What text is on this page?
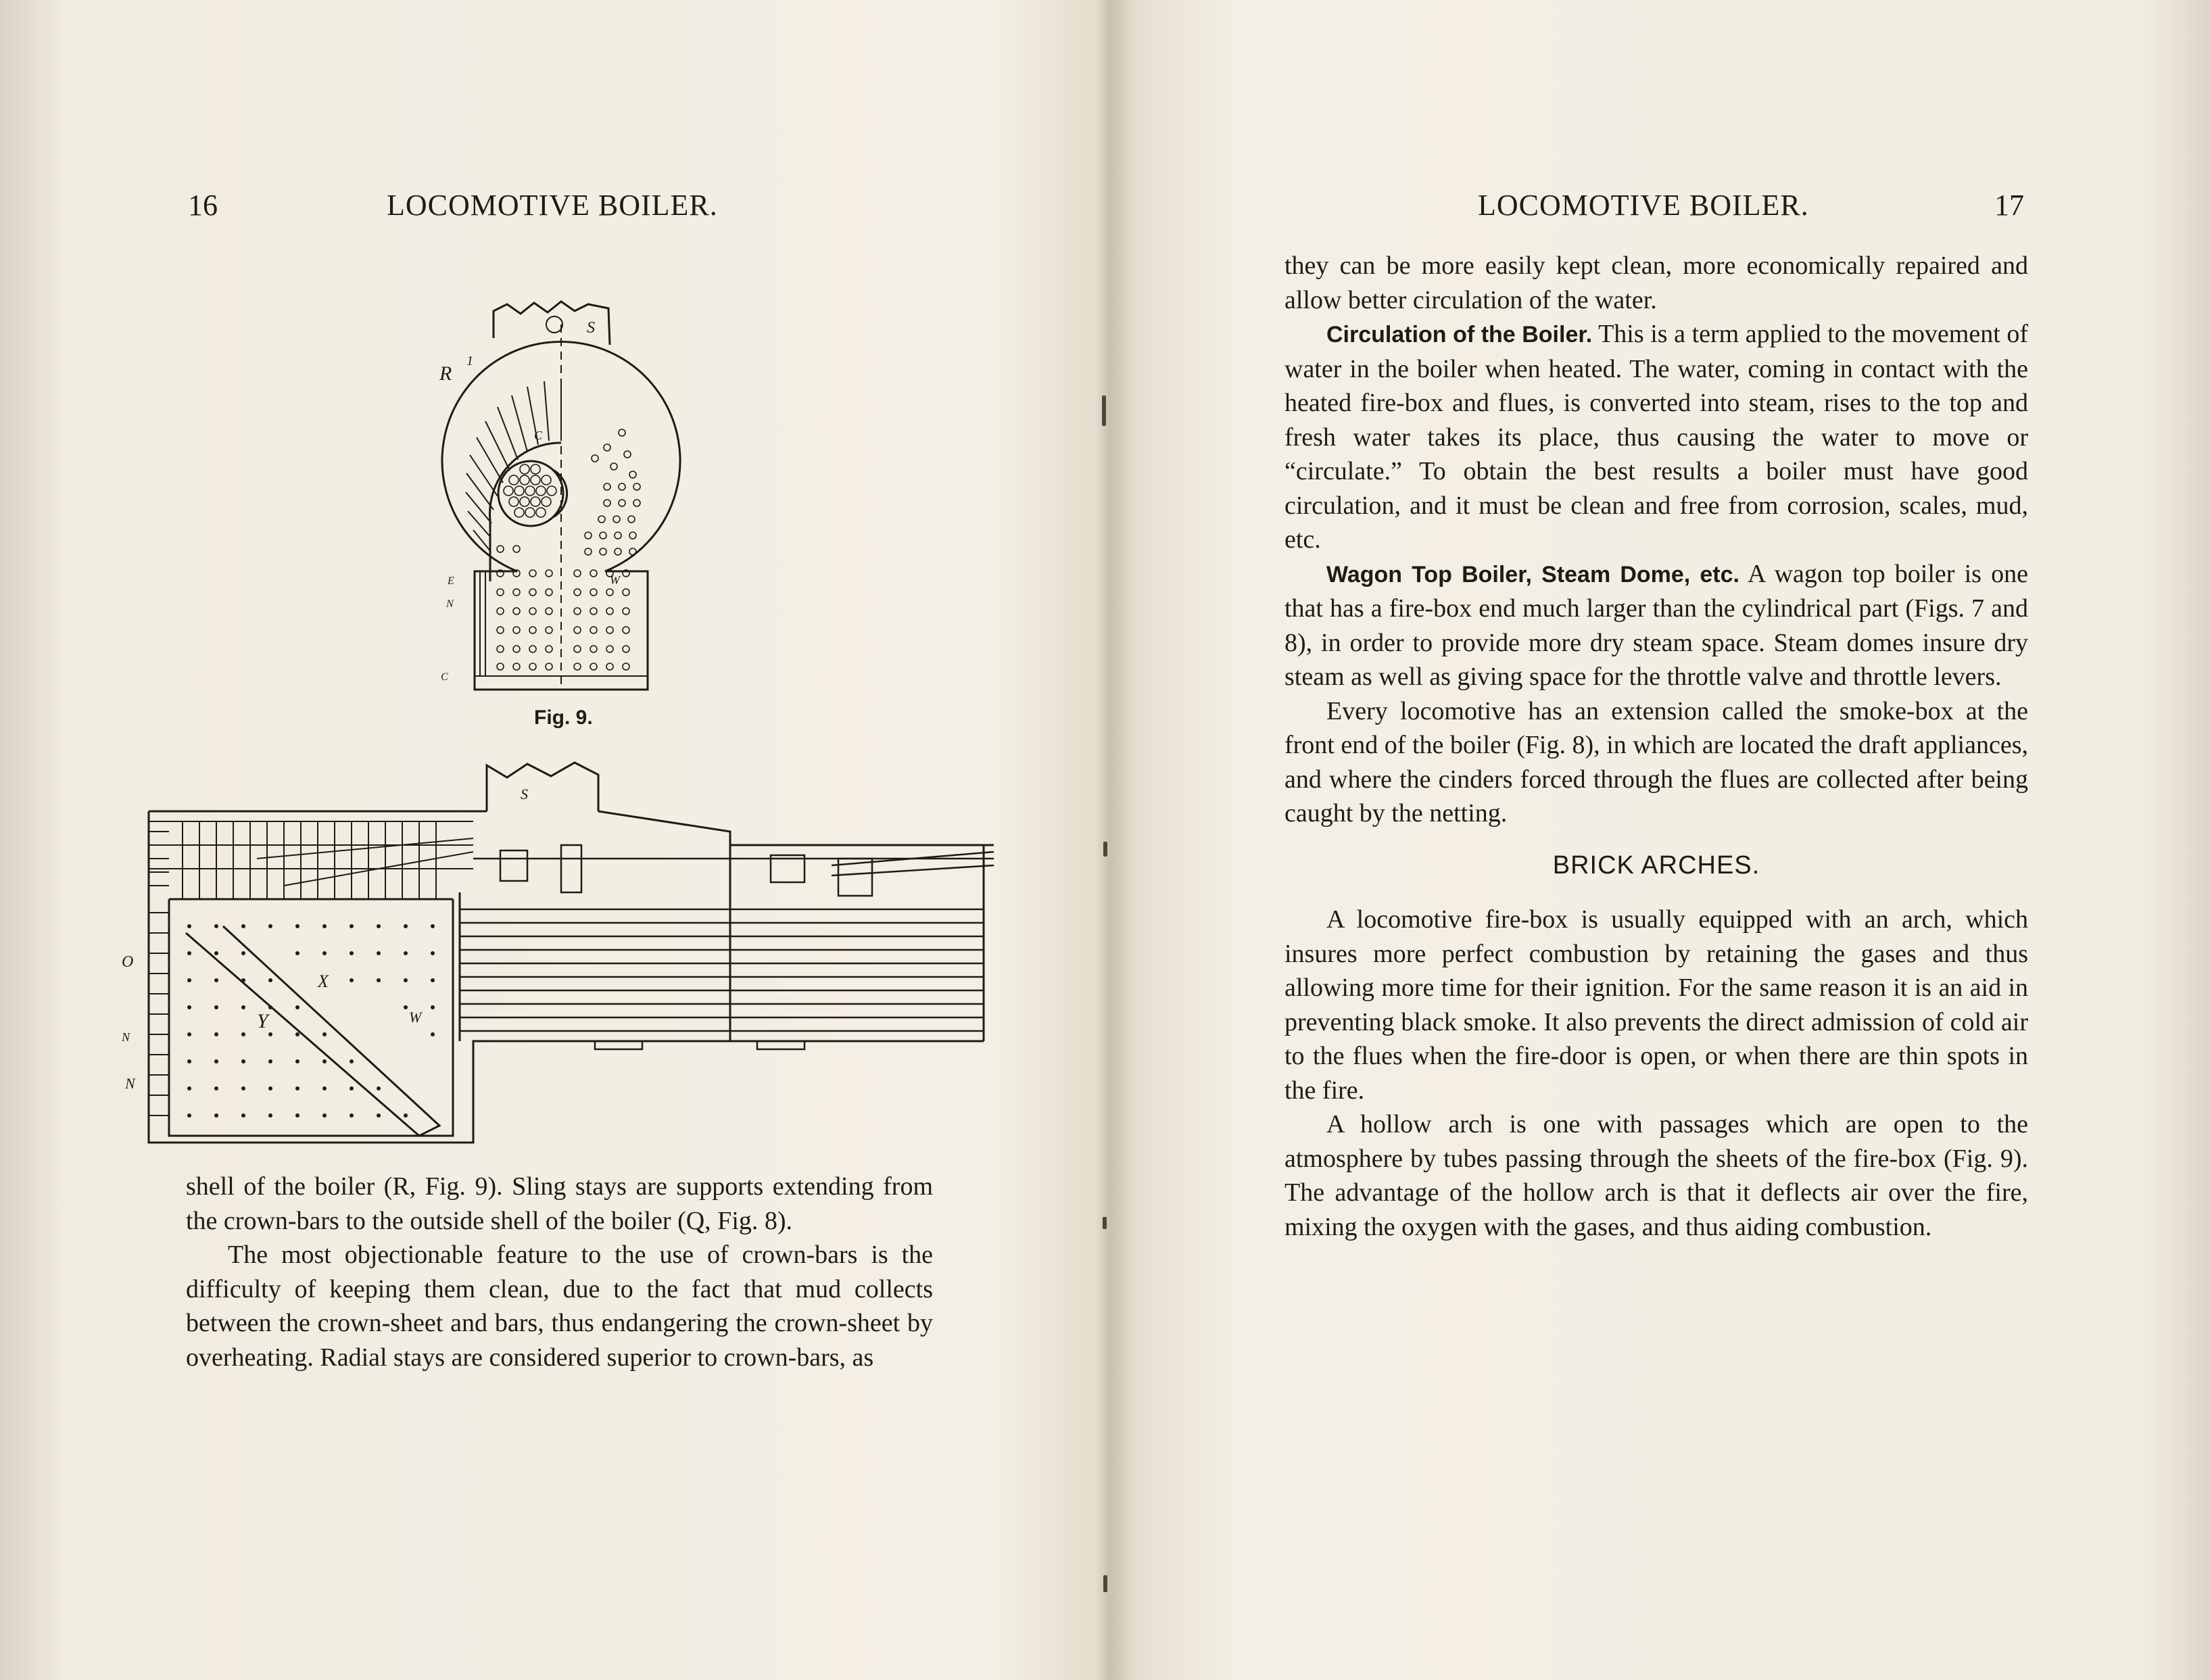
16	LOCOMOTIVE BOILER.
S
R
1
C
W
E
N
C
Fig. 9.
S
O
Y
X
W
N
N

shell of the boiler (R, Fig. 9). Sling stays are supports extending from the crown-bars to the outside shell of the boiler (Q, Fig. 8).

The most objectionable feature to the use of crown-bars is the difficulty of keeping them clean, due to the fact that mud collects between the crown-sheet and bars, thus endangering the crown-sheet by overheating. Radial stays are considered superior to crown-bars, as

LOCOMOTIVE BOILER.	17

they can be more easily kept clean, more economically repaired and allow better circulation of the water.

Circulation of the Boiler. This is a term applied to the movement of water in the boiler when heated. The water, coming in contact with the heated fire-box and flues, is converted into steam, rises to the top and fresh water takes its place, thus causing the water to move or “circulate.” To obtain the best results a boiler must have good circulation, and it must be clean and free from corrosion, scales, mud, etc.

Wagon Top Boiler, Steam Dome, etc. A wagon top boiler is one that has a fire-box end much larger than the cylindrical part (Figs. 7 and 8), in order to provide more dry steam space. Steam domes insure dry steam as well as giving space for the throttle valve and throttle levers.

Every locomotive has an extension called the smoke-box at the front end of the boiler (Fig. 8), in which are located the draft appliances, and where the cinders forced through the flues are collected after being caught by the netting.

BRICK ARCHES.

A locomotive fire-box is usually equipped with an arch, which insures more perfect combustion by retaining the gases and thus allowing more time for their ignition. For the same reason it is an aid in preventing black smoke. It also prevents the direct admission of cold air to the flues when the fire-door is open, or when there are thin spots in the fire.

A hollow arch is one with passages which are open to the atmosphere by tubes passing through the sheets of the fire-box (Fig. 9). The advantage of the hollow arch is that it deflects air over the fire, mixing the oxygen with the gases, and thus aiding combustion.
